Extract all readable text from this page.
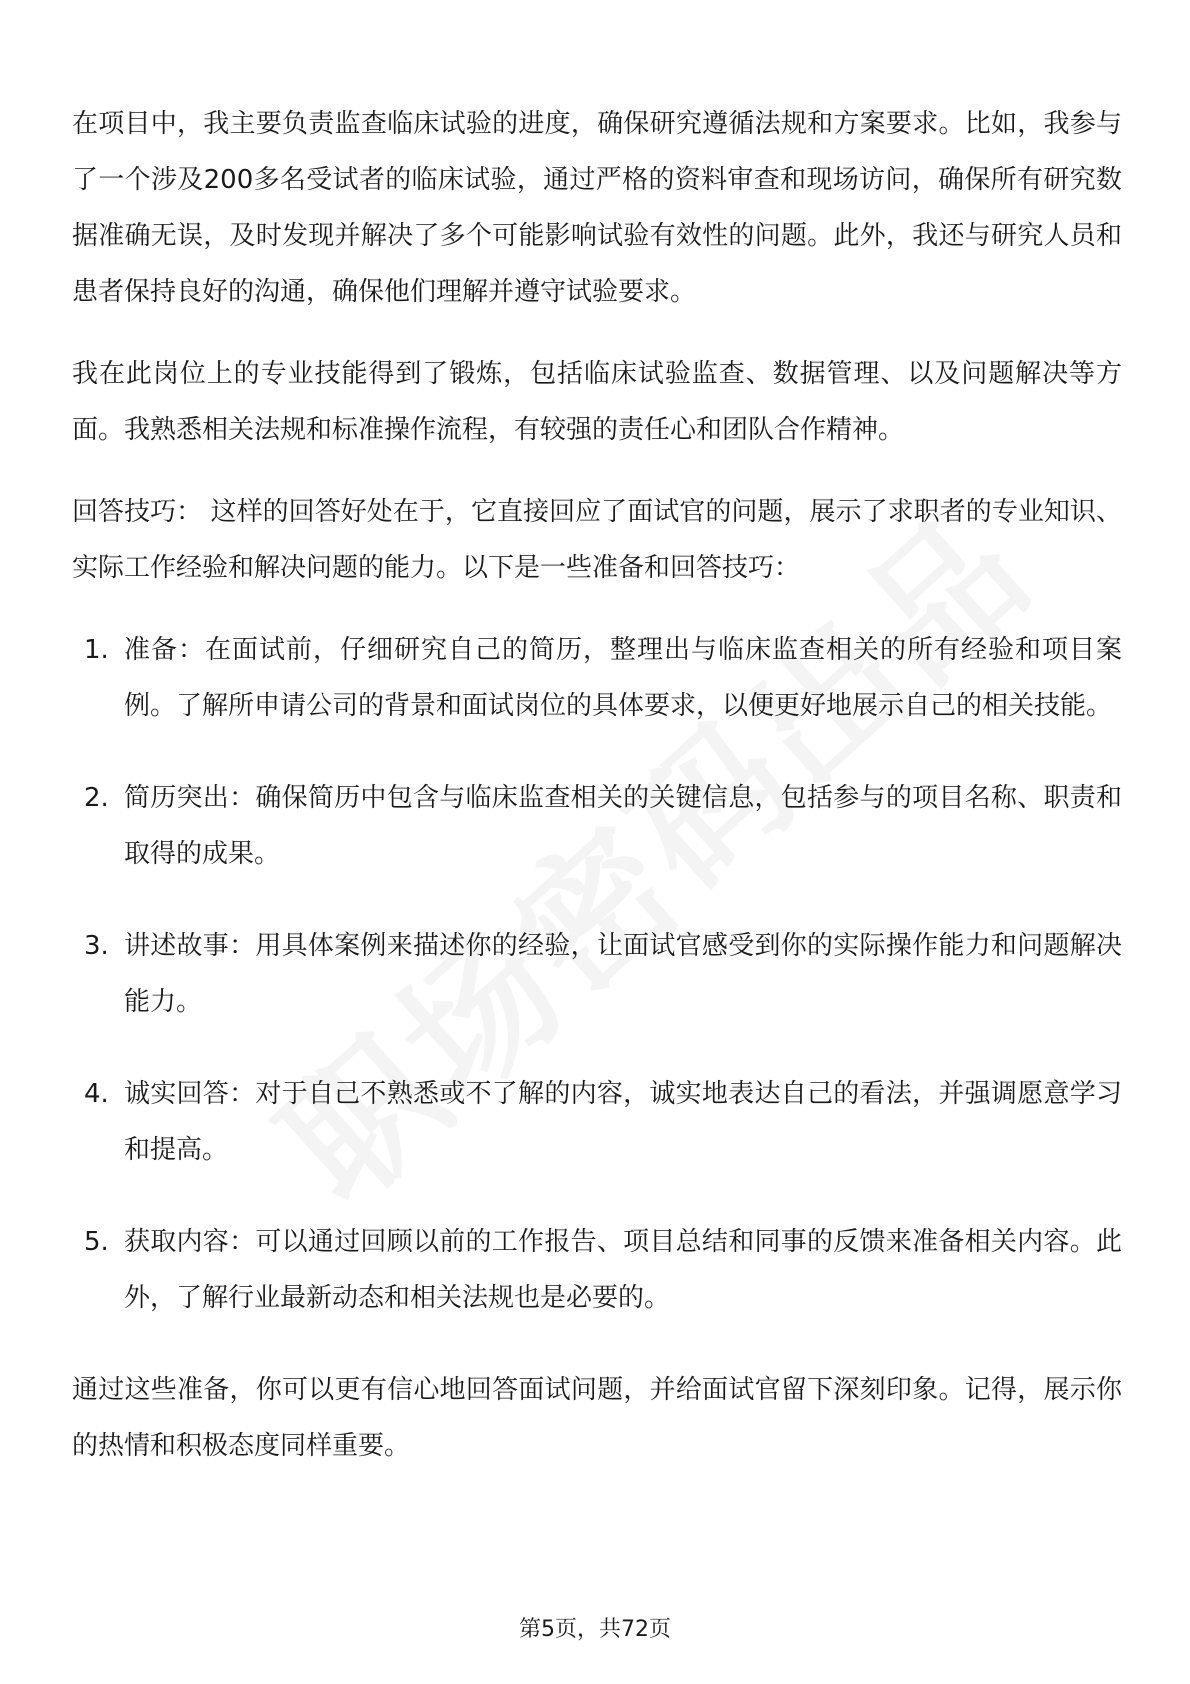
在项目中，我主要负责监查临床试验的进度，确保研究遵循法规和方案要求。比如，我参与了一个涉及200多名受试者的临床试验，通过严格的资料审查和现场访问，确保所有研究数据准确无误，及时发现并解决了多个可能影响试验有效性的问题。此外，我还与研究人员和患者保持良好的沟通，确保他们理解并遵守试验要求。

我在此岗位上的专业技能得到了锻炼，包括临床试验监查、数据管理、以及问题解决等方面。我熟悉相关法规和标准操作流程，有较强的责任心和团队合作精神。

回答技巧： 这样的回答好处在于，它直接回应了面试官的问题，展示了求职者的专业知识、实际工作经验和解决问题的能力。以下是一些准备和回答技巧：

1. 准备：在面试前，仔细研究自己的简历，整理出与临床监查相关的所有经验和项目案例。了解所申请公司的背景和面试岗位的具体要求，以便更好地展示自己的相关技能。
2. 简历突出：确保简历中包含与临床监查相关的关键信息，包括参与的项目名称、职责和取得的成果。
3. 讲述故事：用具体案例来描述你的经验，让面试官感受到你的实际操作能力和问题解决能力。
4. 诚实回答：对于自己不熟悉或不了解的内容，诚实地表达自己的看法，并强调愿意学习和提高。
5. 获取内容：可以通过回顾以前的工作报告、项目总结和同事的反馈来准备相关内容。此外，了解行业最新动态和相关法规也是必要的。

通过这些准备，你可以更有信心地回答面试问题，并给面试官留下深刻印象。记得，展示你的热情和积极态度同样重要。

第5页，共72页
